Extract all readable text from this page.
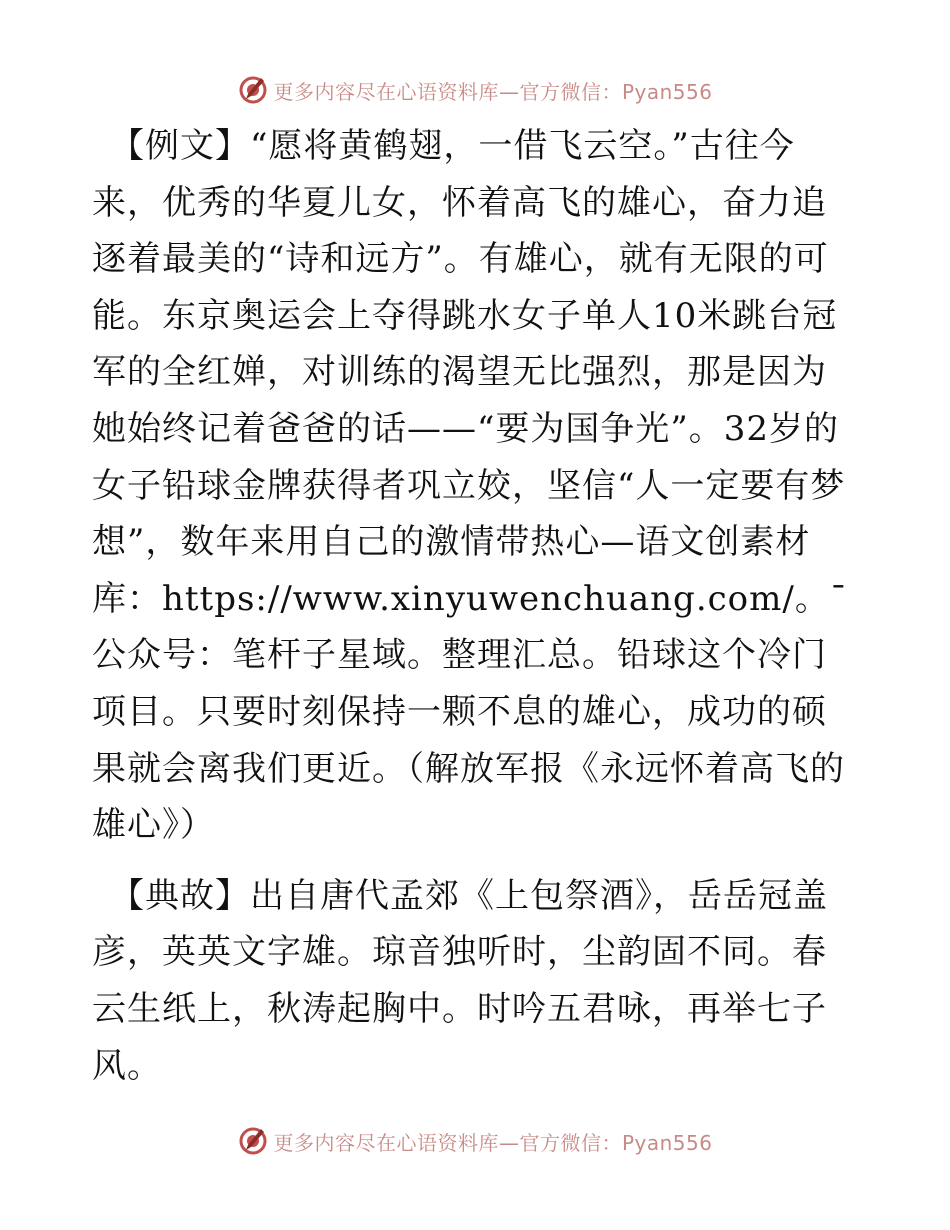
更多内容尽在心语资料库—官方微信：Pyan556

【例文】“愿将黄鹤翅，一借飞云空。”古往今来，优秀的华夏儿女，怀着高飞的雄心，奋力追逐着最美的“诗和远方”。有雄心，就有无限的可能。东京奥运会上夺得跳水女子单人10米跳台冠军的全红婵，对训练的渴望无比强烈，那是因为她始终记着爸爸的话——“要为国争光”。32岁的女子铅球金牌获得者巩立姣，坚信“人一定要有梦想”，数年来用自己的激情带热心—语文创素材库：https://www.xinyuwenchuang.com/。¯公众号：笔杆子星域。整理汇总。铅球这个冷门项目。只要时刻保持一颗不息的雄心，成功的硕果就会离我们更近。（解放军报《永远怀着高飞的雄心》）

【典故】出自唐代孟郊《上包祭酒》，岳岳冠盖彦，英英文字雄。琼音独听时，尘韵固不同。春云生纸上，秋涛起胸中。时吟五君咏，再举七子风。

更多内容尽在心语资料库—官方微信：Pyan556
